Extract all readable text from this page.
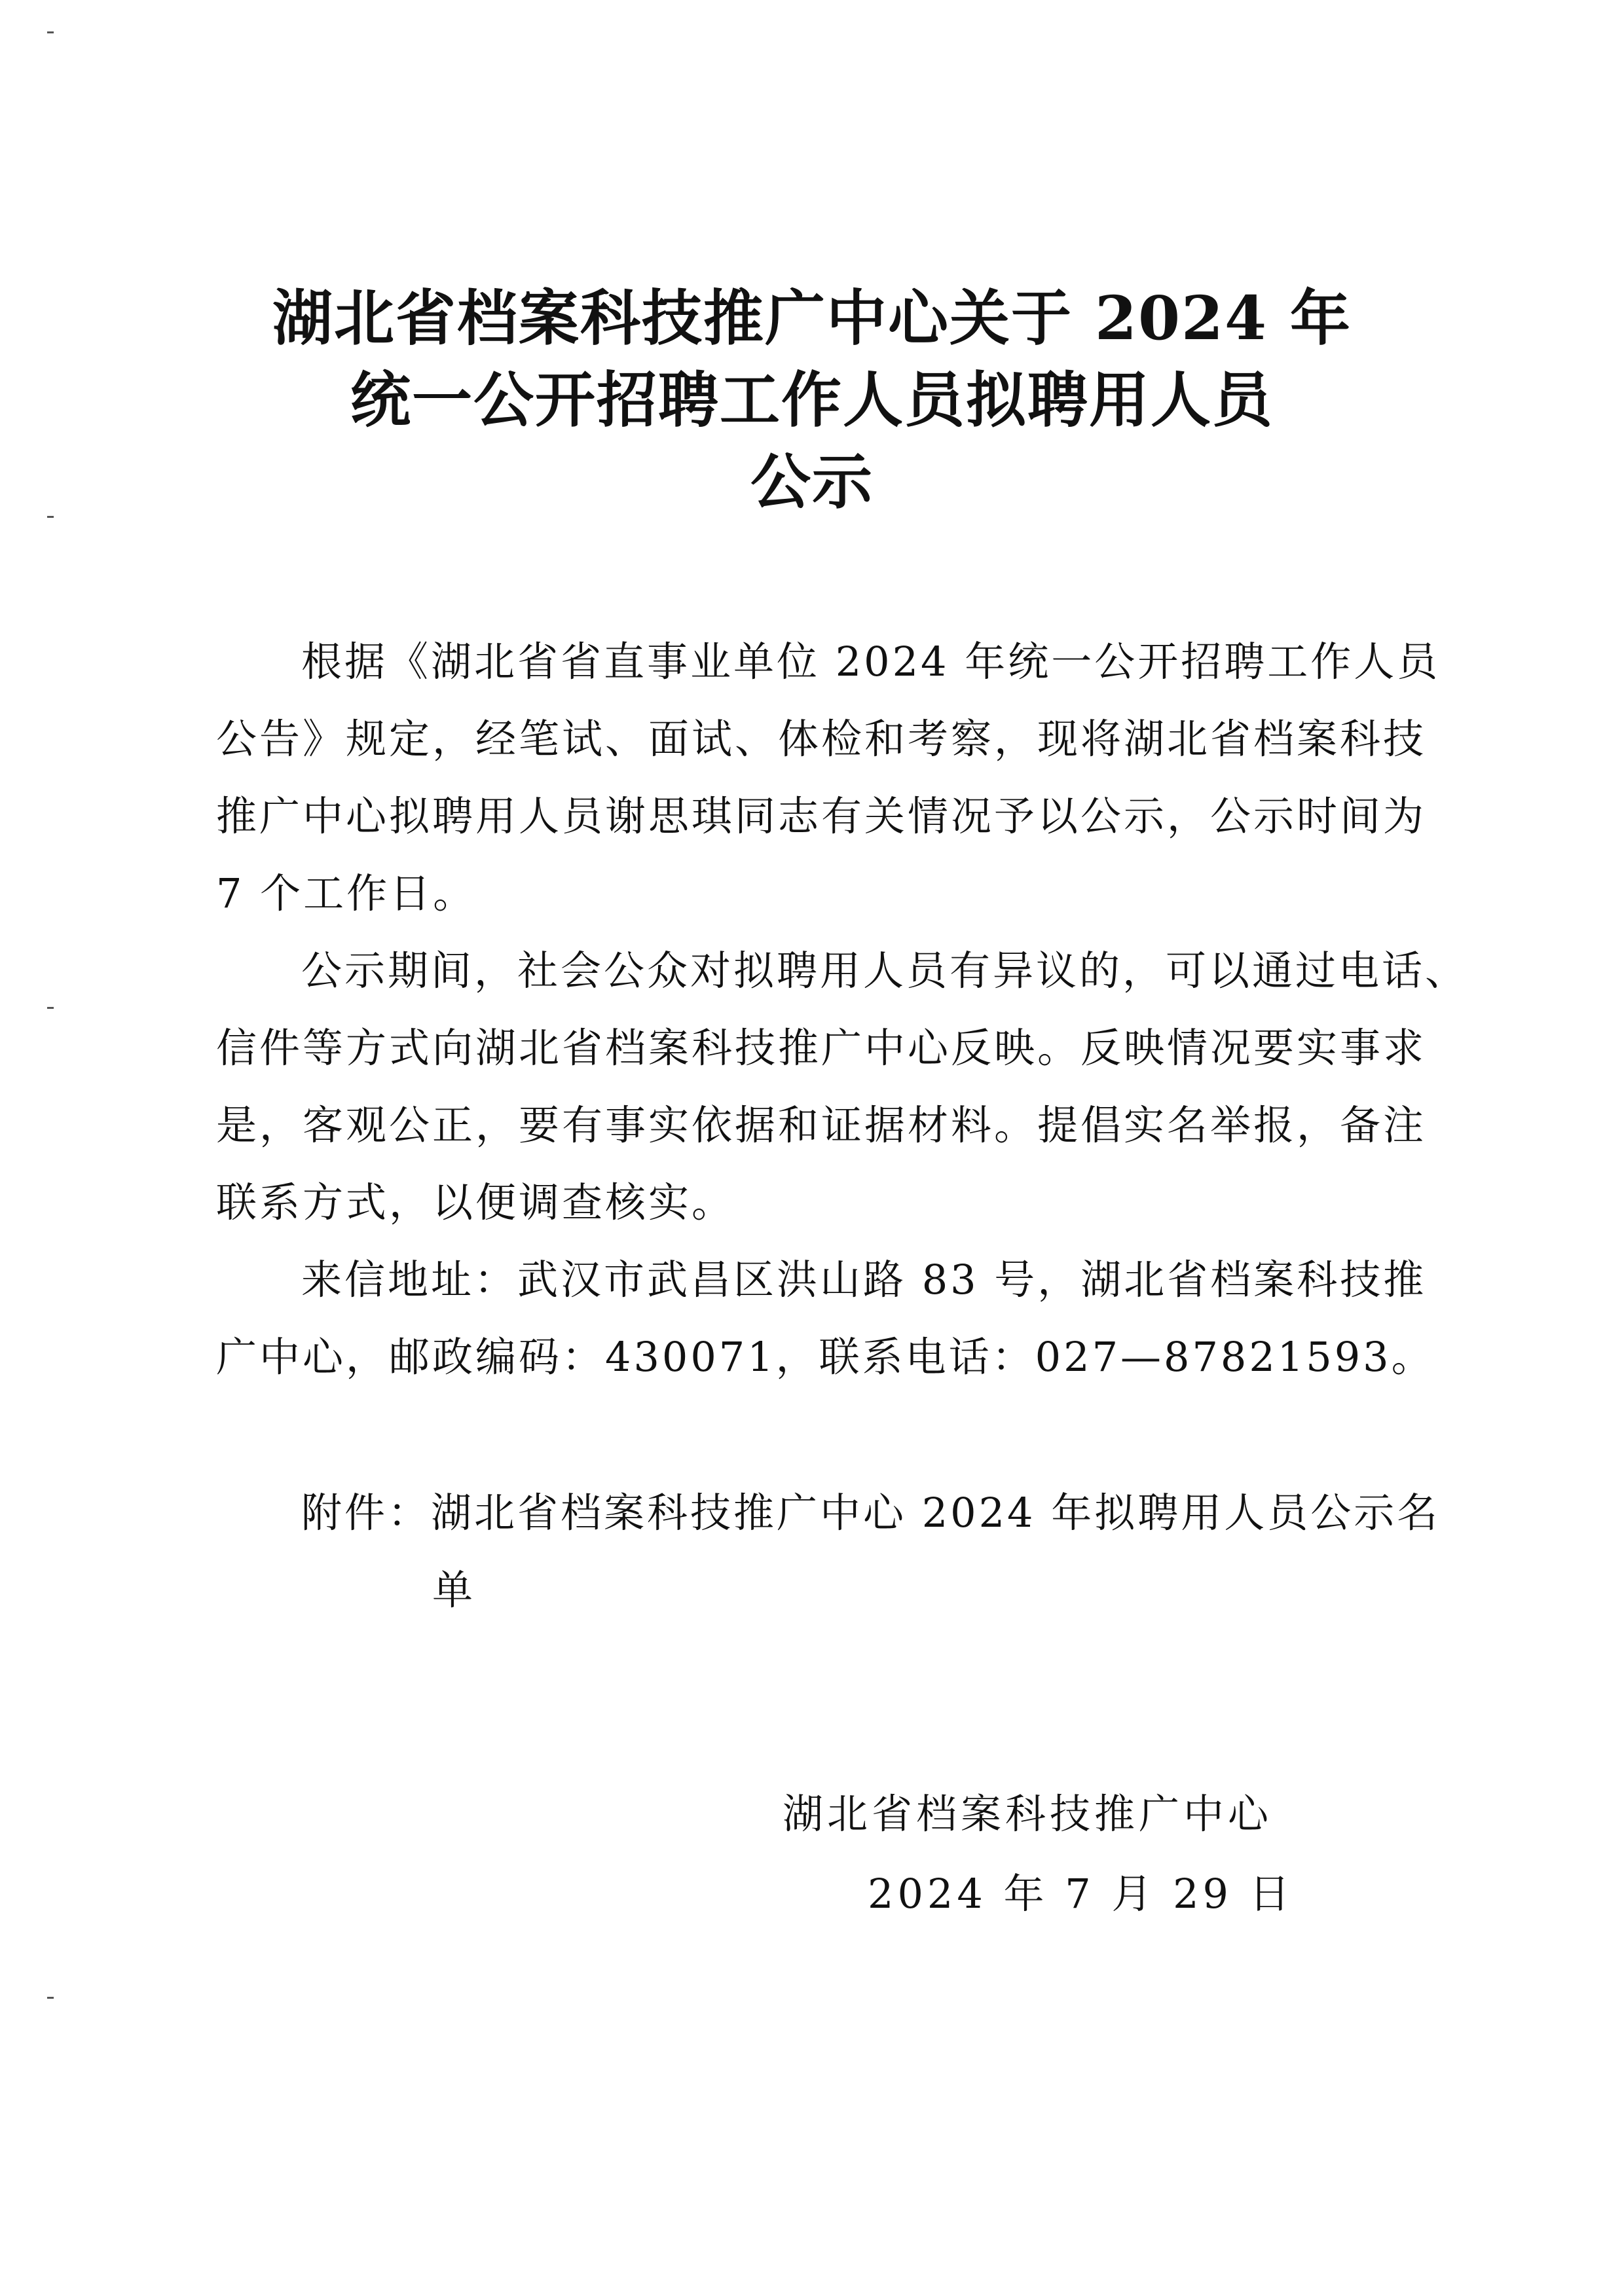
湖北省档案科技推广中心关于 2024 年
统一公开招聘工作人员拟聘用人员
公示
根据《湖北省省直事业单位 2024 年统一公开招聘工作人员
公告》规定，经笔试、面试、体检和考察，现将湖北省档案科技
推广中心拟聘用人员谢思琪同志有关情况予以公示，公示时间为
7 个工作日。
公示期间，社会公众对拟聘用人员有异议的，可以通过电话、
信件等方式向湖北省档案科技推广中心反映。反映情况要实事求
是，客观公正，要有事实依据和证据材料。提倡实名举报，备注
联系方式，以便调查核实。
来信地址：武汉市武昌区洪山路 83 号，湖北省档案科技推
广中心，邮政编码：430071，联系电话：027—87821593。
附件：湖北省档案科技推广中心 2024 年拟聘用人员公示名
单
湖北省档案科技推广中心
2024 年 7 月 29 日
